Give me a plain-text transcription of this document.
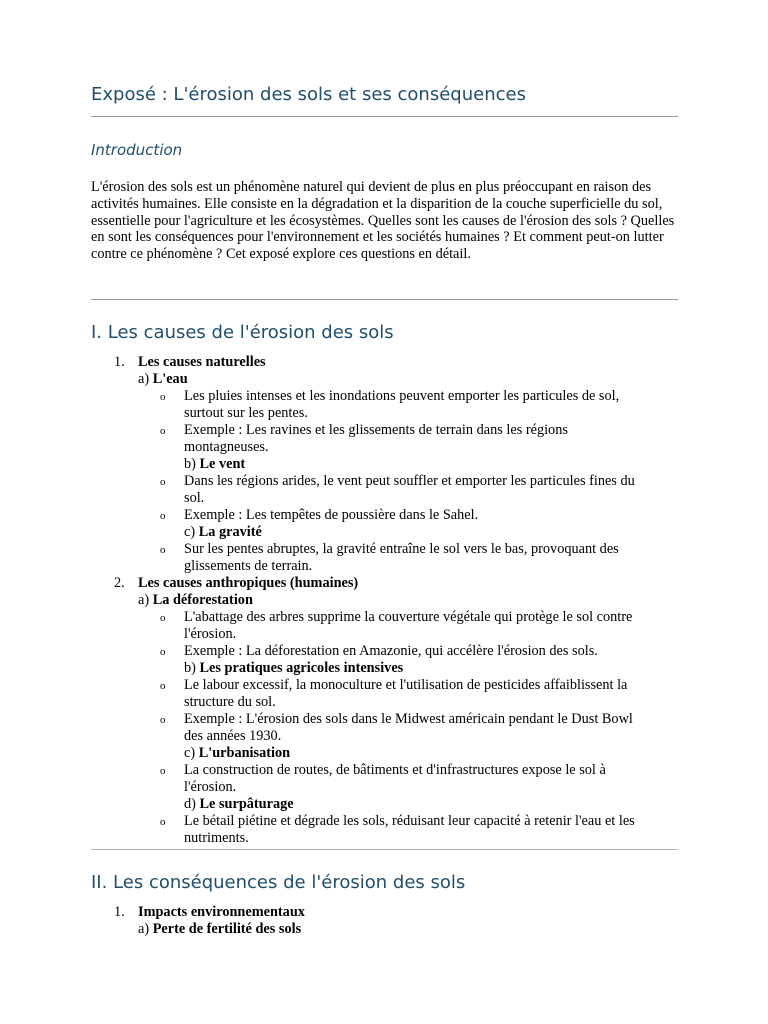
Exposé : L'érosion des sols et ses conséquences
Introduction

L'érosion des sols est un phénomène naturel qui devient de plus en plus préoccupant en raison des activités humaines. Elle consiste en la dégradation et la disparition de la couche superficielle du sol, essentielle pour l'agriculture et les écosystèmes. Quelles sont les causes de l'érosion des sols ? Quelles en sont les conséquences pour l'environnement et les sociétés humaines ? Et comment peut-on lutter contre ce phénomène ? Cet exposé explore ces questions en détail.

I. Les causes de l'érosion des sols
1. Les causes naturelles
a) L'eau
o Les pluies intenses et les inondations peuvent emporter les particules de sol,
surtout sur les pentes.
o Exemple : Les ravines et les glissements de terrain dans les régions
montagneuses.
b) Le vent
o Dans les régions arides, le vent peut souffler et emporter les particules fines du
sol.
o Exemple : Les tempêtes de poussière dans le Sahel.
c) La gravité
o Sur les pentes abruptes, la gravité entraîne le sol vers le bas, provoquant des
glissements de terrain.
2. Les causes anthropiques (humaines)
a) La déforestation
o L'abattage des arbres supprime la couverture végétale qui protège le sol contre
l'érosion.
o Exemple : La déforestation en Amazonie, qui accélère l'érosion des sols.
b) Les pratiques agricoles intensives
o Le labour excessif, la monoculture et l'utilisation de pesticides affaiblissent la
structure du sol.
o Exemple : L'érosion des sols dans le Midwest américain pendant le Dust Bowl
des années 1930.
c) L'urbanisation
o La construction de routes, de bâtiments et d'infrastructures expose le sol à
l'érosion.
d) Le surpâturage
o Le bétail piétine et dégrade les sols, réduisant leur capacité à retenir l'eau et les
nutriments.
II. Les conséquences de l'érosion des sols
1. Impacts environnementaux
a) Perte de fertilité des sols
